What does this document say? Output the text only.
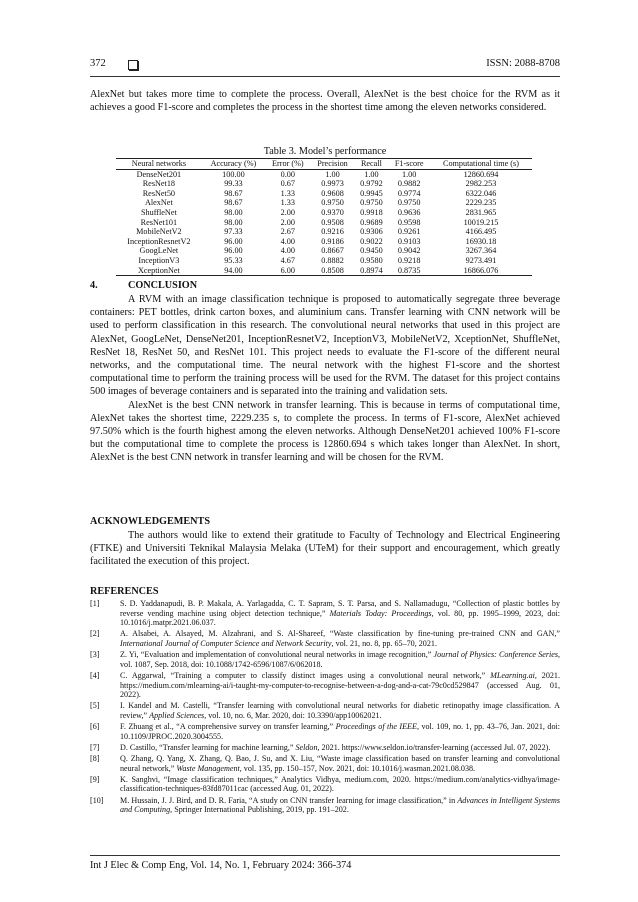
372	ISSN: 2088-8708

AlexNet but takes more time to complete the process. Overall, AlexNet is the best choice for the RVM as it achieves a good F1-score and completes the process in the shortest time among the eleven networks considered.

Table 3. Model’s performance
Neural networks	Accuracy (%)	Error (%)	Precision	Recall	F1-score	Computational time (s)
DenseNet201	100.00	0.00	1.00	1.00	1.00	12860.694
ResNet18	99.33	0.67	0.9973	0.9792	0.9882	2982.253
ResNet50	98.67	1.33	0.9608	0.9945	0.9774	6322.046
AlexNet	98.67	1.33	0.9750	0.9750	0.9750	2229.235
ShuffleNet	98.00	2.00	0.9370	0.9918	0.9636	2831.965
ResNet101	98.00	2.00	0.9508	0.9689	0.9598	10019.215
MobileNetV2	97.33	2.67	0.9216	0.9306	0.9261	4166.495
InceptionResnetV2	96.00	4.00	0.9186	0.9022	0.9103	16930.18
GoogLeNet	96.00	4.00	0.8667	0.9450	0.9042	3267.364
InceptionV3	95.33	4.67	0.8882	0.9580	0.9218	9273.491
XceptionNet	94.00	6.00	0.8508	0.8974	0.8735	16866.076
4.	CONCLUSION

A RVM with an image classification technique is proposed to automatically segregate three beverage containers: PET bottles, drink carton boxes, and aluminium cans. Transfer learning with CNN network will be used to perform classification in this research. The convolutional neural networks that used in this project are AlexNet, GoogLeNet, DenseNet201, InceptionResnetV2, InceptionV3, MobileNetV2, XceptionNet, ShuffleNet, ResNet 18, ResNet 50, and ResNet 101. This project needs to evaluate the F1-score of the different neural networks, and the computational time. The neural network with the highest F1-score and the shortest computational time to perform the training process will be used for the RVM. The dataset for this project contains 500 images of beverage containers and is separated into the training and validation sets.

AlexNet is the best CNN network in transfer learning. This is because in terms of computational time, AlexNet takes the shortest time, 2229.235 s, to complete the process. In terms of F1-score, AlexNet achieved 97.50% which is the fourth highest among the eleven networks. Although DenseNet201 achieved 100% F1-score but the computational time to complete the process is 12860.694 s which takes longer than AlexNet. In short, AlexNet is the best CNN network in transfer learning and will be chosen for the RVM.

ACKNOWLEDGEMENTS

The authors would like to extend their gratitude to Faculty of Technology and Electrical Engineering (FTKE) and Universiti Teknikal Malaysia Melaka (UTeM) for their support and encouragement, which greatly facilitated the execution of this project.

REFERENCES
[1]	S. D. Yaddanapudi, B. P. Makala, A. Yarlagadda, C. T. Sapram, S. T. Parsa, and S. Nallamadugu, “Collection of plastic bottles by reverse vending machine using object detection technique,” Materials Today: Proceedings, vol. 80, pp. 1995–1999, 2023, doi: 10.1016/j.matpr.2021.06.037.
[2]	A. Alsabei, A. Alsayed, M. Alzahrani, and S. Al-Shareef, “Waste classification by fine-tuning pre-trained CNN and GAN,” International Journal of Computer Science and Network Security, vol. 21, no. 8, pp. 65–70, 2021.
[3]	Z. Yi, “Evaluation and implementation of convolutional neural networks in image recognition,” Journal of Physics: Conference Series, vol. 1087, Sep. 2018, doi: 10.1088/1742-6596/1087/6/062018.
[4]	C. Aggarwal, “Training a computer to classify distinct images using a convolutional neural network,” MLearning.ai, 2021. https://medium.com/mlearning-ai/i-taught-my-computer-to-recognise-between-a-dog-and-a-cat-79c0cd529847 (accessed Aug. 01, 2022).
[5]	I. Kandel and M. Castelli, “Transfer learning with convolutional neural networks for diabetic retinopathy image classification. A review,” Applied Sciences, vol. 10, no. 6, Mar. 2020, doi: 10.3390/app10062021.
[6]	F. Zhuang et al., “A comprehensive survey on transfer learning,” Proceedings of the IEEE, vol. 109, no. 1, pp. 43–76, Jan. 2021, doi: 10.1109/JPROC.2020.3004555.
[7]	D. Castillo, “Transfer learning for machine learning,” Seldon, 2021. https://www.seldon.io/transfer-learning (accessed Jul. 07, 2022).
[8]	Q. Zhang, Q. Yang, X. Zhang, Q. Bao, J. Su, and X. Liu, “Waste image classification based on transfer learning and convolutional neural network,” Waste Management, vol. 135, pp. 150–157, Nov. 2021, doi: 10.1016/j.wasman.2021.08.038.
[9]	K. Sanghvi, “Image classification techniques,” Analytics Vidhya, medium.com, 2020. https://medium.com/analytics-vidhya/image-classification-techniques-83fd87011cac (accessed Aug. 01, 2022).
[10] M. Hussain, J. J. Bird, and D. R. Faria, “A study on CNN transfer learning for image classification,” in Advances in Intelligent Systems and Computing, Springer International Publishing, 2019, pp. 191–202.
Int J Elec & Comp Eng, Vol. 14, No. 1, February 2024: 366-374
